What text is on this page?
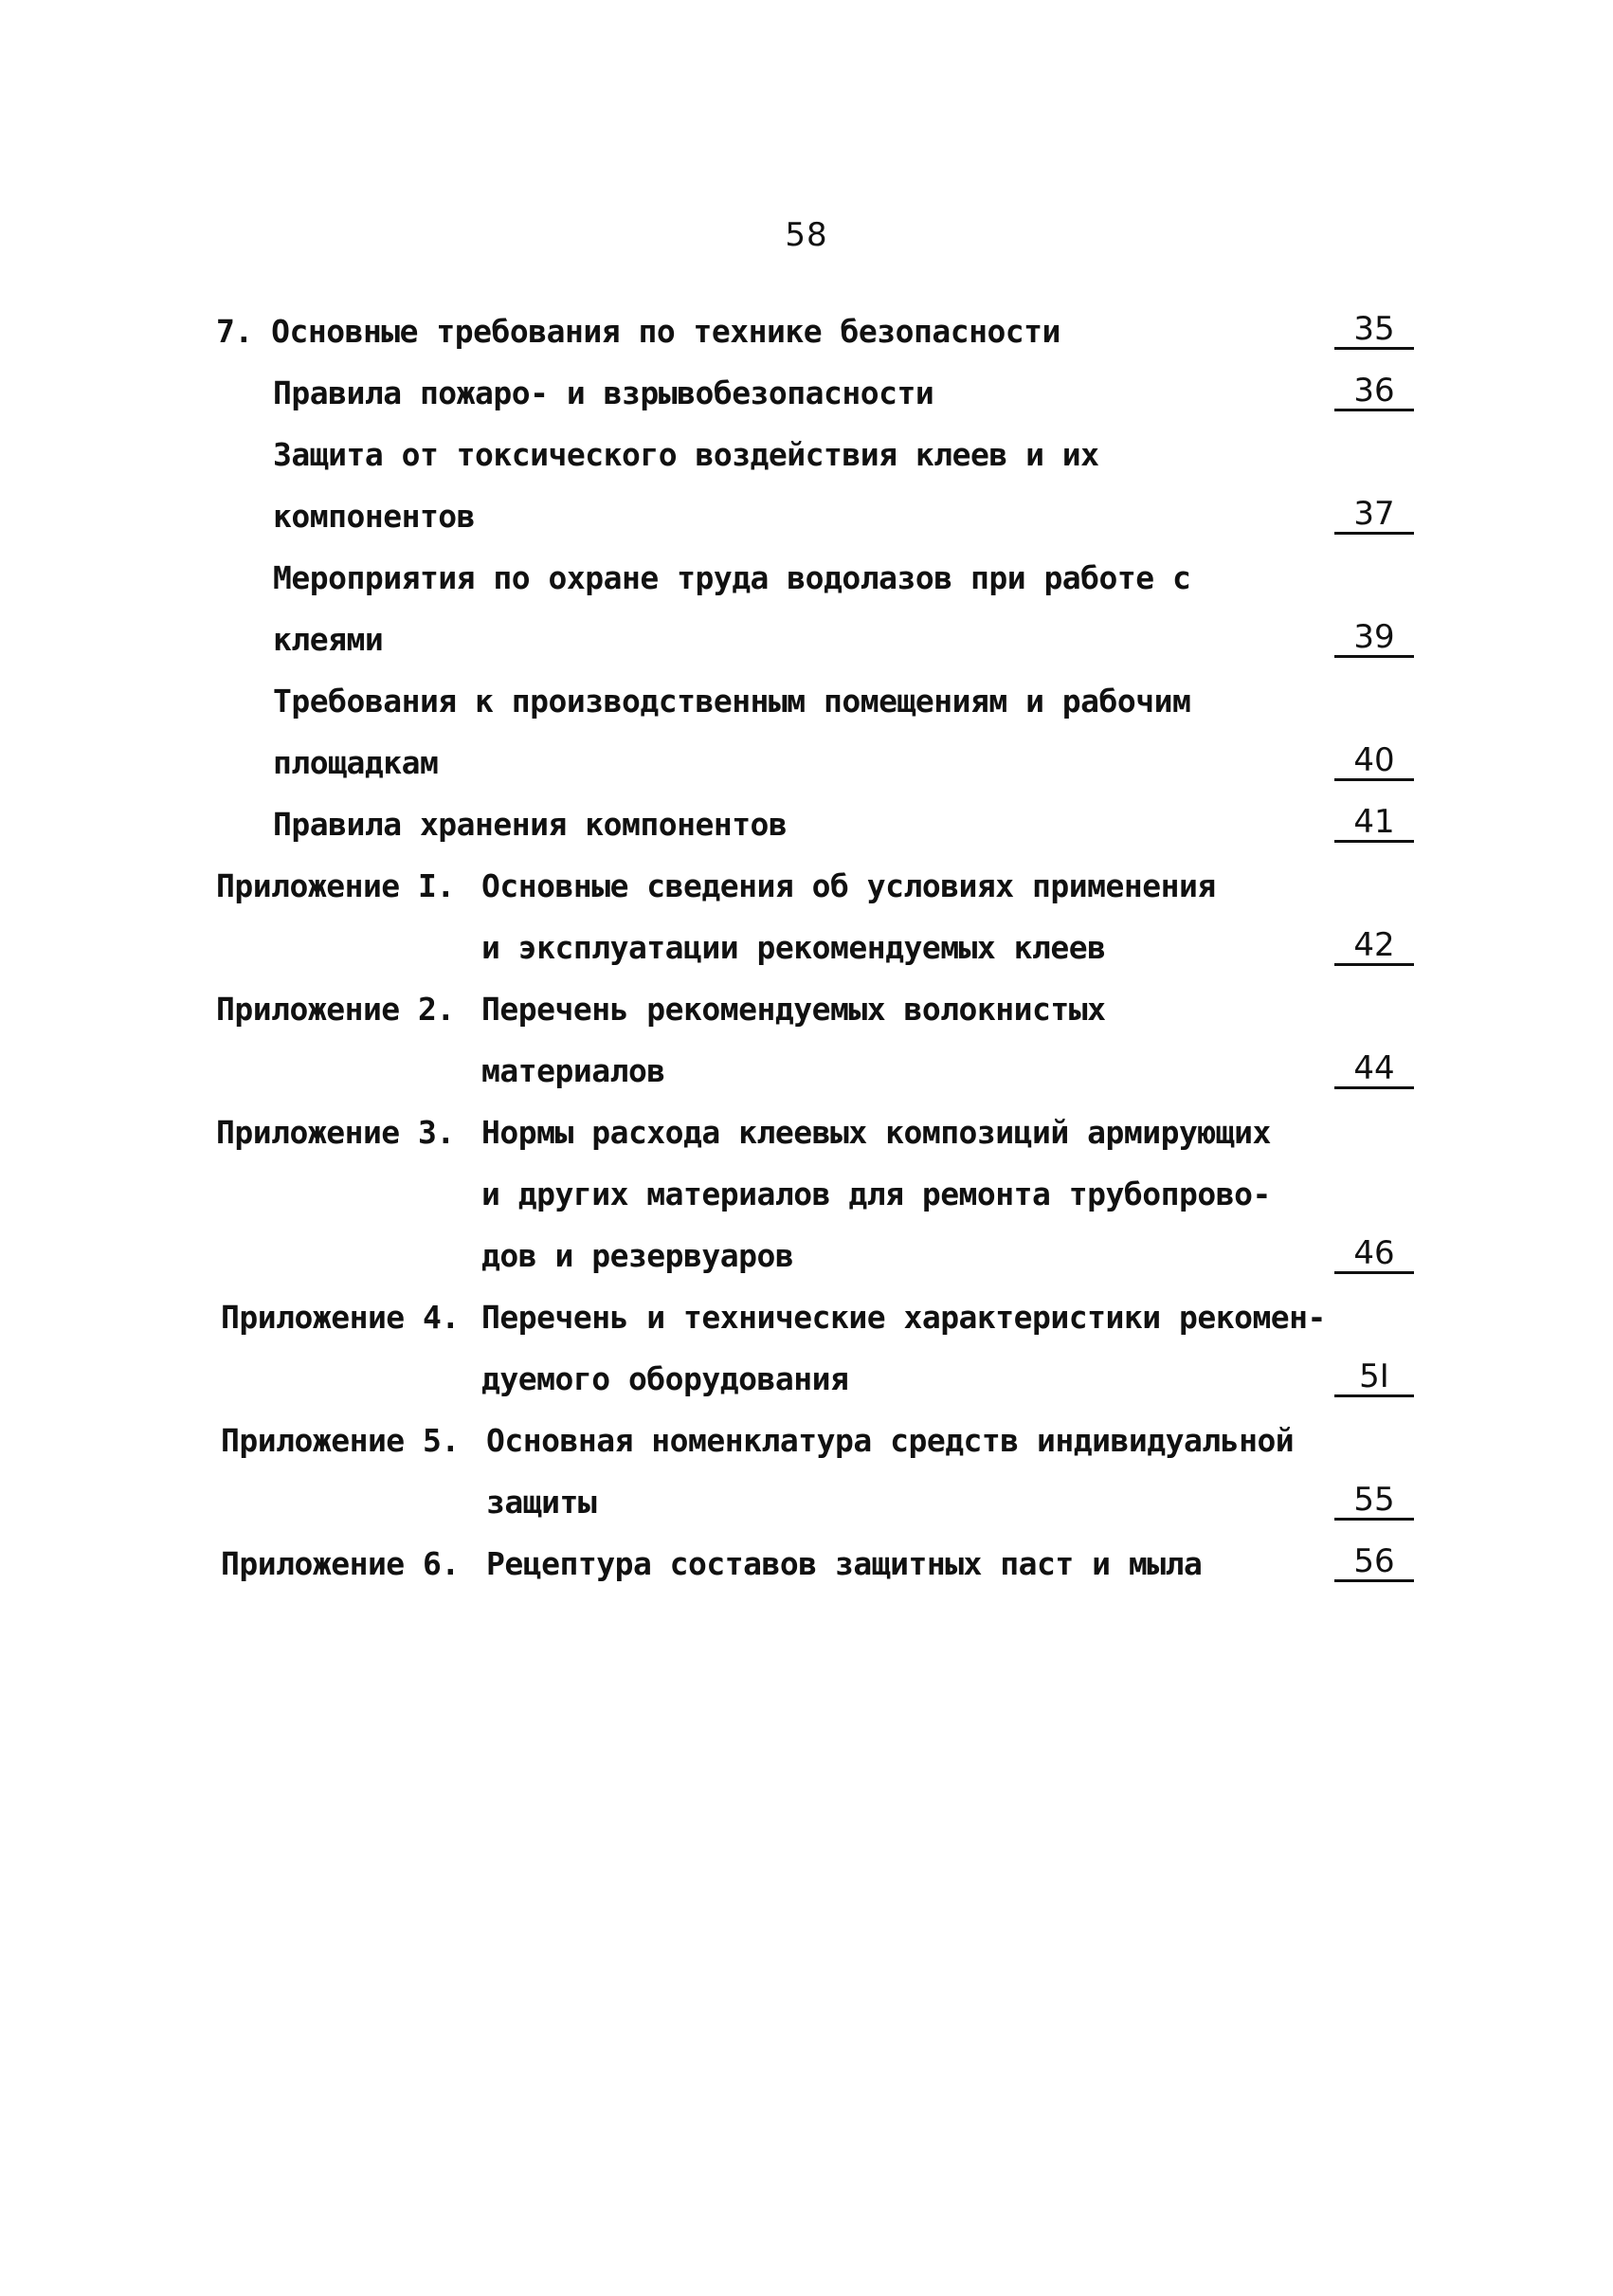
58
7. Основные требования по технике безопасности	35
Правила пожаро- и взрывобезопасности	36
Защита от токсического воздействия клеев и их
компонентов	37
Мероприятия по охране труда водолазов при работе с
клеями	39
Требования к производственным помещениям и рабочим
площадкам	40
Правила хранения компонентов	41
Приложение I. Основные сведения об условиях применения
и эксплуатации рекомендуемых клеев	42
Приложение 2. Перечень рекомендуемых волокнистых
материалов	44
Приложение 3. Нормы расхода клеевых композиций армирующих
и других материалов для ремонта трубопрово-
дов и резервуаров	46
Приложение 4. Перечень и технические характеристики рекомен-
дуемого оборудования	5I
Приложение 5. Основная номенклатура средств индивидуальной
защиты	55
Приложение 6. Рецептура составов защитных паст и мыла	56
